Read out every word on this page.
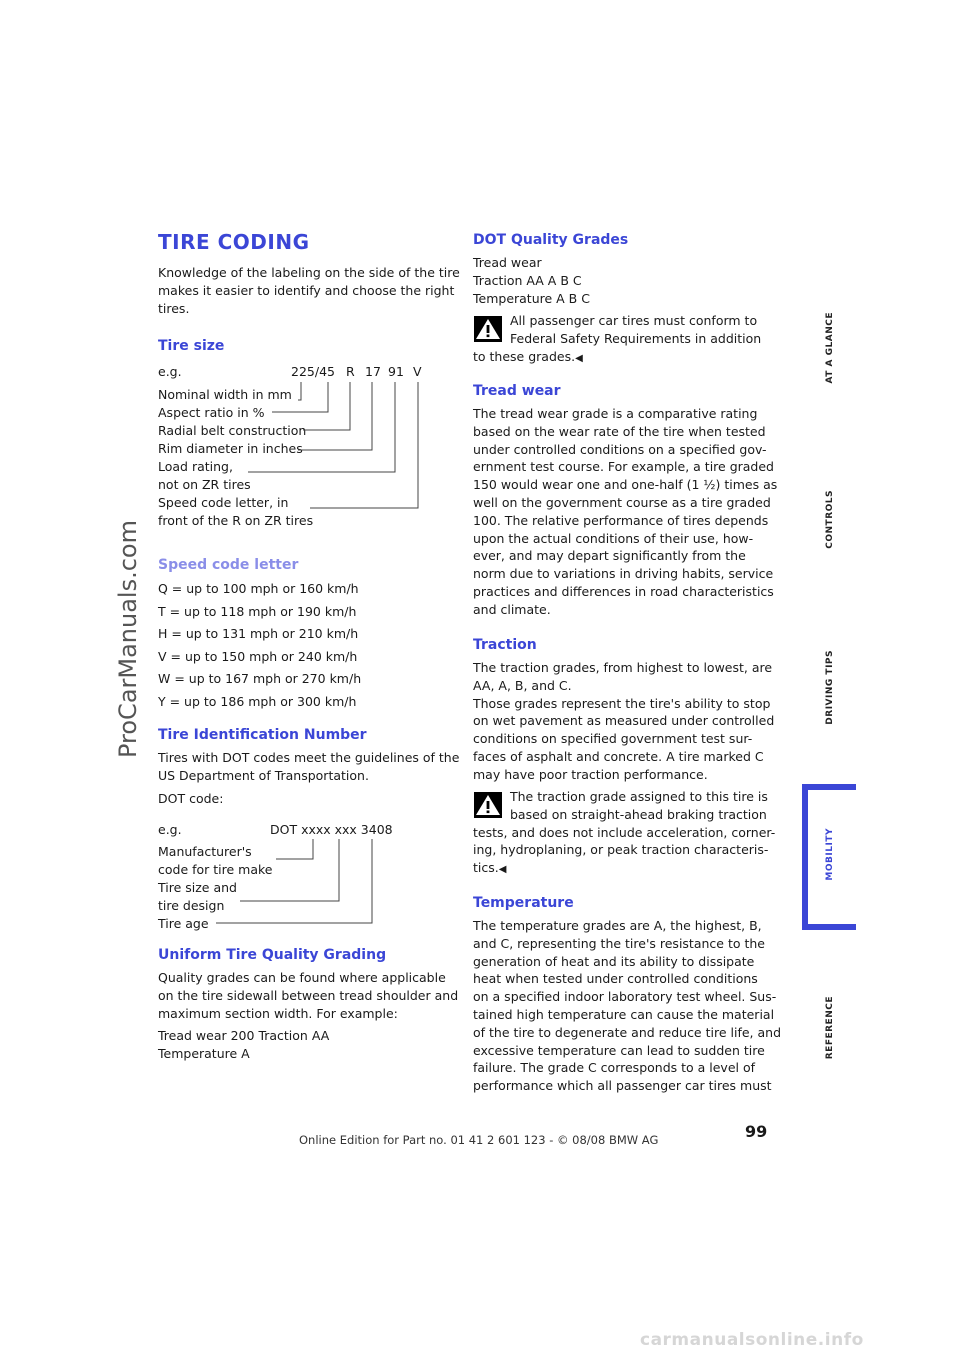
ProCarManuals.com
TIRE CODING

Knowledge of the labeling on the side of the tire
makes it easier to identify and choose the right
tires.

Tire size
e.g.	225/45 R 17 91 V
Nominal width in mm
Aspect ratio in %
Radial belt construction
Rim diameter in inches
Load rating,
not on ZR tires
Speed code letter, in
front of the R on ZR tires
Speed code letter
Q = up to 100 mph or 160 km/h
T = up to 118 mph or 190 km/h
H = up to 131 mph or 210 km/h
V = up to 150 mph or 240 km/h
W = up to 167 mph or 270 km/h
Y = up to 186 mph or 300 km/h
Tire Identification Number
Tires with DOT codes meet the guidelines of the
US Department of Transportation.
DOT code:
e.g.	DOT xxxx xxx 3408
Manufacturer's
code for tire make
Tire size and
tire design
Tire age
Uniform Tire Quality Grading
Quality grades can be found where applicable
on the tire sidewall between tread shoulder and
maximum section width. For example:
Tread wear 200 Traction AA
Temperature A
DOT Quality Grades
Tread wear
Traction AA A B C
Temperature A B C
All passenger car tires must conform to
Federal Safety Requirements in addition
to these grades.◀
Tread wear
The tread wear grade is a comparative rating
based on the wear rate of the tire when tested
under controlled conditions on a specified gov-
ernment test course. For example, a tire graded
150 would wear one and one-half (1 ½) times as
well on the government course as a tire graded
100. The relative performance of tires depends
upon the actual conditions of their use, how-
ever, and may depart significantly from the
norm due to variations in driving habits, service
practices and differences in road characteristics
and climate.
Traction
The traction grades, from highest to lowest, are
AA, A, B, and C.
Those grades represent the tire's ability to stop
on wet pavement as measured under controlled
conditions on specified government test sur-
faces of asphalt and concrete. A tire marked C
may have poor traction performance.
The traction grade assigned to this tire is
based on straight-ahead braking traction
tests, and does not include acceleration, corner-
ing, hydroplaning, or peak traction characteris-
tics.◀
Temperature
The temperature grades are A, the highest, B,
and C, representing the tire's resistance to the
generation of heat and its ability to dissipate
heat when tested under controlled conditions
on a specified indoor laboratory test wheel. Sus-
tained high temperature can cause the material
of the tire to degenerate and reduce tire life, and
excessive temperature can lead to sudden tire
failure. The grade C corresponds to a level of
performance which all passenger car tires must
AT A GLANCE
CONTROLS
DRIVING TIPS
MOBILITY
REFERENCE
99
Online Edition for Part no. 01 41 2 601 123 - © 08/08 BMW AG
carmanualsonline.info
